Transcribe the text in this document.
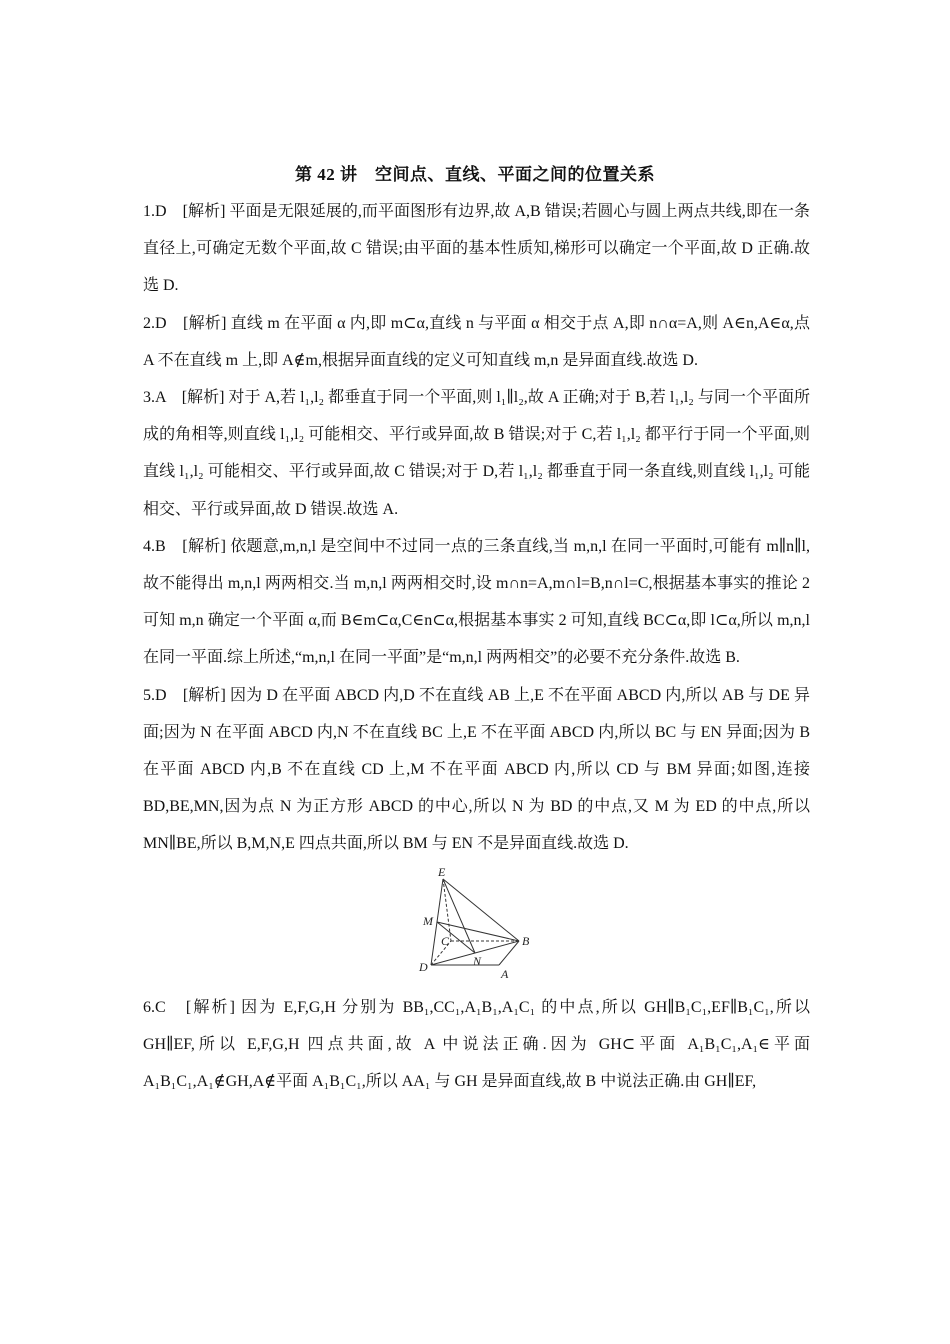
第 42 讲　空间点、直线、平面之间的位置关系

1.D　[解析] 平面是无限延展的,而平面图形有边界,故 A,B 错误;若圆心与圆上两点共线,即在一条直径上,可确定无数个平面,故 C 错误;由平面的基本性质知,梯形可以确定一个平面,故 D 正确.故选 D.

2.D　[解析] 直线 m 在平面 α 内,即 m⊂α,直线 n 与平面 α 相交于点 A,即 n∩α=A,则 A∈n,A∈α,点 A 不在直线 m 上,即 A∉m,根据异面直线的定义可知直线 m,n 是异面直线.故选 D.

3.A　[解析] 对于 A,若 l₁,l₂ 都垂直于同一个平面,则 l₁∥l₂,故 A 正确;对于 B,若 l₁,l₂ 与同一个平面所成的角相等,则直线 l₁,l₂ 可能相交、平行或异面,故 B 错误;对于 C,若 l₁,l₂ 都平行于同一个平面,则直线 l₁,l₂ 可能相交、平行或异面,故 C 错误;对于 D,若 l₁,l₂ 都垂直于同一条直线,则直线 l₁,l₂ 可能相交、平行或异面,故 D 错误.故选 A.

4.B　[解析] 依题意,m,n,l 是空间中不过同一点的三条直线,当 m,n,l 在同一平面时,可能有 m∥n∥l,故不能得出 m,n,l 两两相交.当 m,n,l 两两相交时,设 m∩n=A,m∩l=B,n∩l=C,根据基本事实的推论 2 可知 m,n 确定一个平面 α,而 B∈m⊂α,C∈n⊂α,根据基本事实 2 可知,直线 BC⊂α,即 l⊂α,所以 m,n,l 在同一平面.综上所述,“m,n,l 在同一平面”是“m,n,l 两两相交”的必要不充分条件.故选 B.

5.D　[解析] 因为 D 在平面 ABCD 内,D 不在直线 AB 上,E 不在平面 ABCD 内,所以 AB 与 DE 异面;因为 N 在平面 ABCD 内,N 不在直线 BC 上,E 不在平面 ABCD 内,所以 BC 与 EN 异面;因为 B 在平面 ABCD 内,B 不在直线 CD 上,M 不在平面 ABCD 内,所以 CD 与 BM 异面;如图,连接 BD,BE,MN,因为点 N 为正方形 ABCD 的中心,所以 N 为 BD 的中点,又 M 为 ED 的中点,所以 MN∥BE,所以 B,M,N,E 四点共面,所以 BM 与 EN 不是异面直线.故选 D.

E
M
C	B
D	N
A

6.C　[解析] 因为 E,F,G,H 分别为 BB₁,CC₁,A₁B₁,A₁C₁ 的中点,所以 GH∥B₁C₁,EF∥B₁C₁,所以 GH∥EF,所以 E,F,G,H 四点共面,故 A 中说法正确.因为 GH⊂平面 A₁B₁C₁,A₁∈平面 A₁B₁C₁,A₁∉GH,A∉平面 A₁B₁C₁,所以 AA₁ 与 GH 是异面直线,故 B 中说法正确.由 GH∥EF,
